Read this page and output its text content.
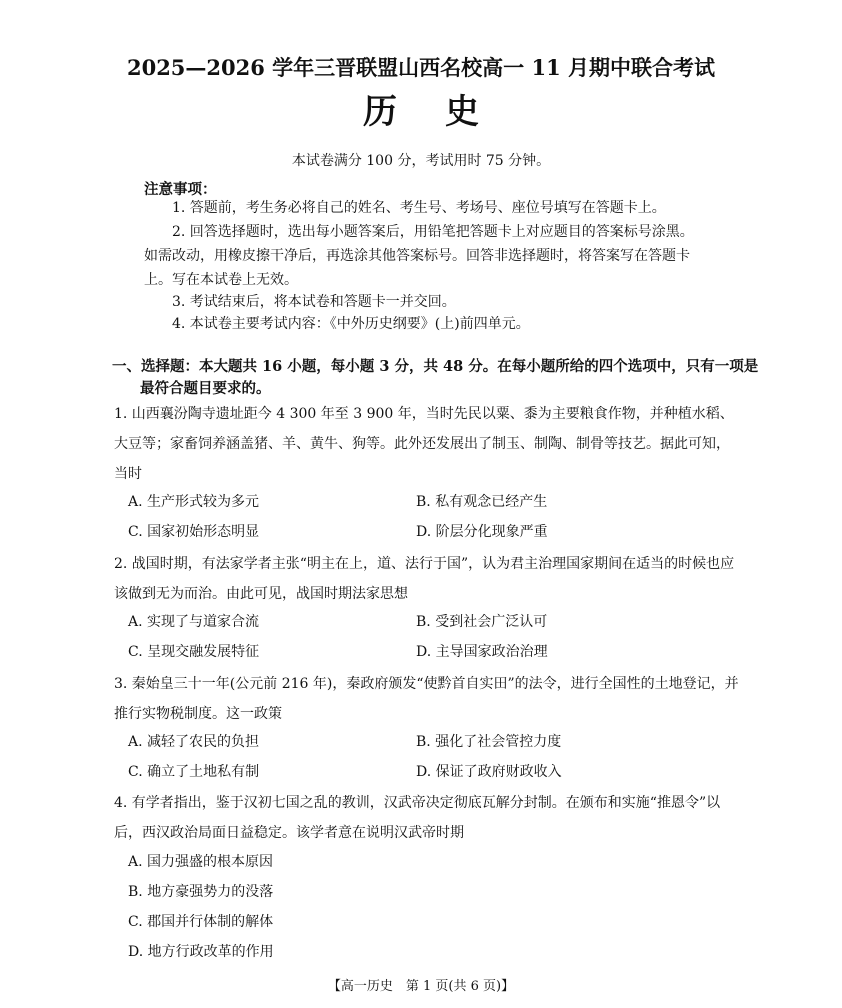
2025—2026 学年三晋联盟山西名校高一 11 月期中联合考试
历史
本试卷满分 100 分，考试用时 75 分钟。
注意事项：
1. 答题前，考生务必将自己的姓名、考生号、考场号、座位号填写在答题卡上。
2. 回答选择题时，选出每小题答案后，用铅笔把答题卡上对应题目的答案标号涂黑。如需改动，用橡皮擦干净后，再选涂其他答案标号。回答非选择题时，将答案写在答题卡上。写在本试卷上无效。
3. 考试结束后，将本试卷和答题卡一并交回。
4. 本试卷主要考试内容：《中外历史纲要》(上)前四单元。
一、选择题：本大题共 16 小题，每小题 3 分，共 48 分。在每小题所给的四个选项中，只有一项是最符合题目要求的。
1. 山西襄汾陶寺遗址距今 4 300 年至 3 900 年，当时先民以粟、黍为主要粮食作物，并种植水稻、大豆等；家畜饲养涵盖猪、羊、黄牛、狗等。此外还发展出了制玉、制陶、制骨等技艺。据此可知，当时
A. 生产形式较为多元	B. 私有观念已经产生
C. 国家初始形态明显	D. 阶层分化现象严重
2. 战国时期，有法家学者主张“明主在上，道、法行于国”，认为君主治理国家期间在适当的时候也应该做到无为而治。由此可见，战国时期法家思想
A. 实现了与道家合流	B. 受到社会广泛认可
C. 呈现交融发展特征	D. 主导国家政治治理
3. 秦始皇三十一年(公元前 216 年)，秦政府颁发“使黔首自实田”的法令，进行全国性的土地登记，并推行实物税制度。这一政策
A. 减轻了农民的负担	B. 强化了社会管控力度
C. 确立了土地私有制	D. 保证了政府财政收入
4. 有学者指出，鉴于汉初七国之乱的教训，汉武帝决定彻底瓦解分封制。在颁布和实施“推恩令”以后，西汉政治局面日益稳定。该学者意在说明汉武帝时期
A. 国力强盛的根本原因
B. 地方豪强势力的没落
C. 郡国并行体制的解体
D. 地方行政改革的作用
【高一历史　第 1 页(共 6 页)】
